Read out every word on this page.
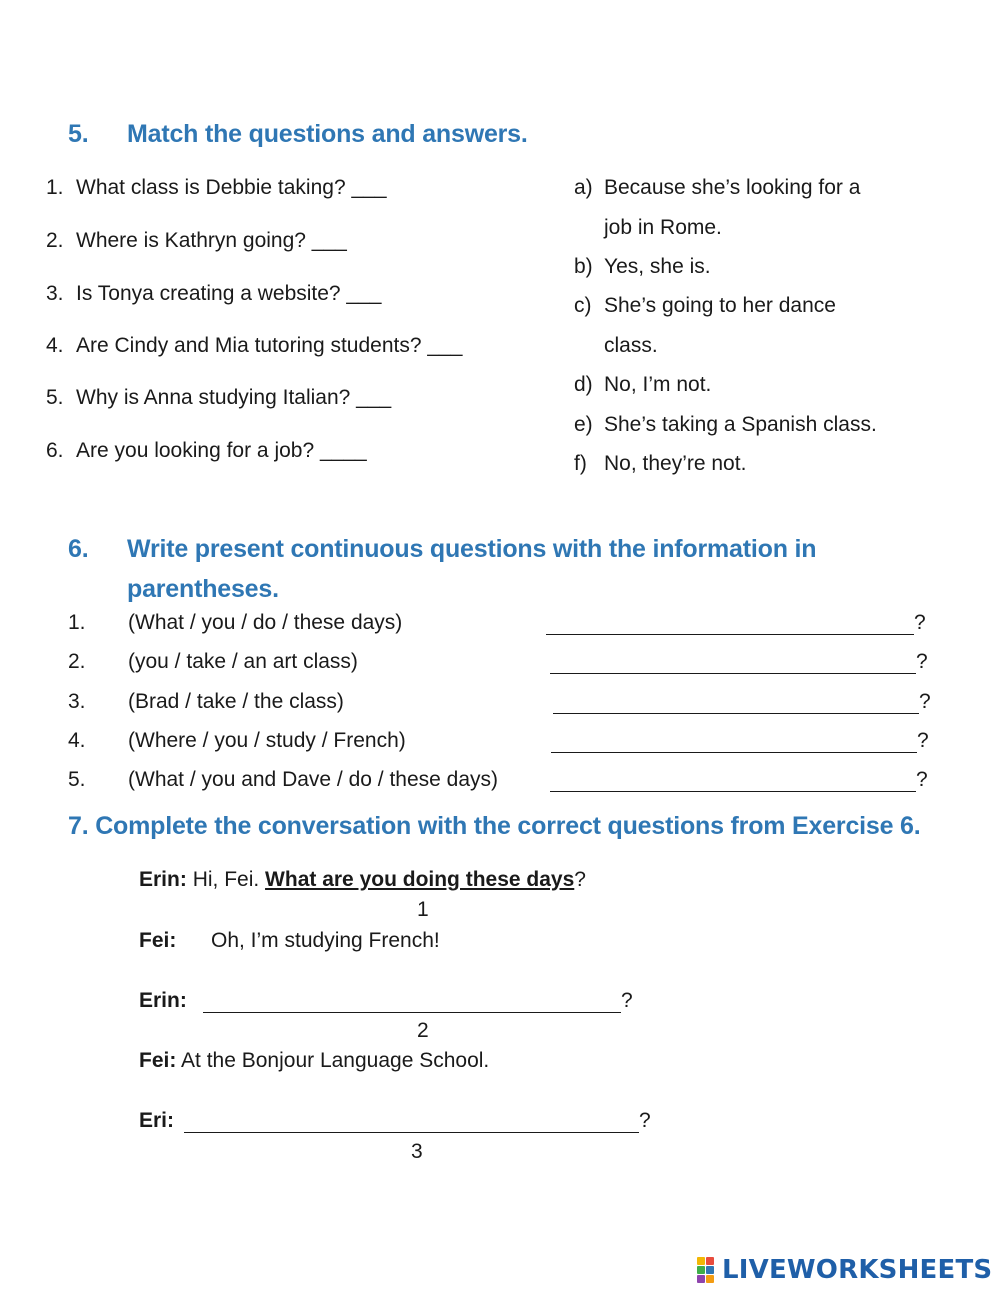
5. Match the questions and answers.
1. What class is Debbie taking? ___
2. Where is Kathryn going? ___
3. Is Tonya creating a website? ___
4. Are Cindy and Mia tutoring students? ___
5. Why is Anna studying Italian? ___
6. Are you looking for a job? ____
a) Because she’s looking for a
job in Rome.
b) Yes, she is.
c) She’s going to her dance
class.
d) No, I’m not.
e) She’s taking a Spanish class.
f) No, they’re not.
6. Write present continuous questions with the information in
parentheses.
1. (What / you / do / these days)	?
2. (you / take / an art class)	?
3. (Brad / take / the class)	?
4. (Where / you / study / French)	?
5. (What / you and Dave / do / these days)	?
7. Complete the conversation with the correct questions from Exercise 6.
Erin: Hi, Fei. What are you doing these days?
1
Fei: Oh, I’m studying French!
Erin:	?
2
Fei: At the Bonjour Language School.
Eri:	?
3
LIVEWORKSHEETS
